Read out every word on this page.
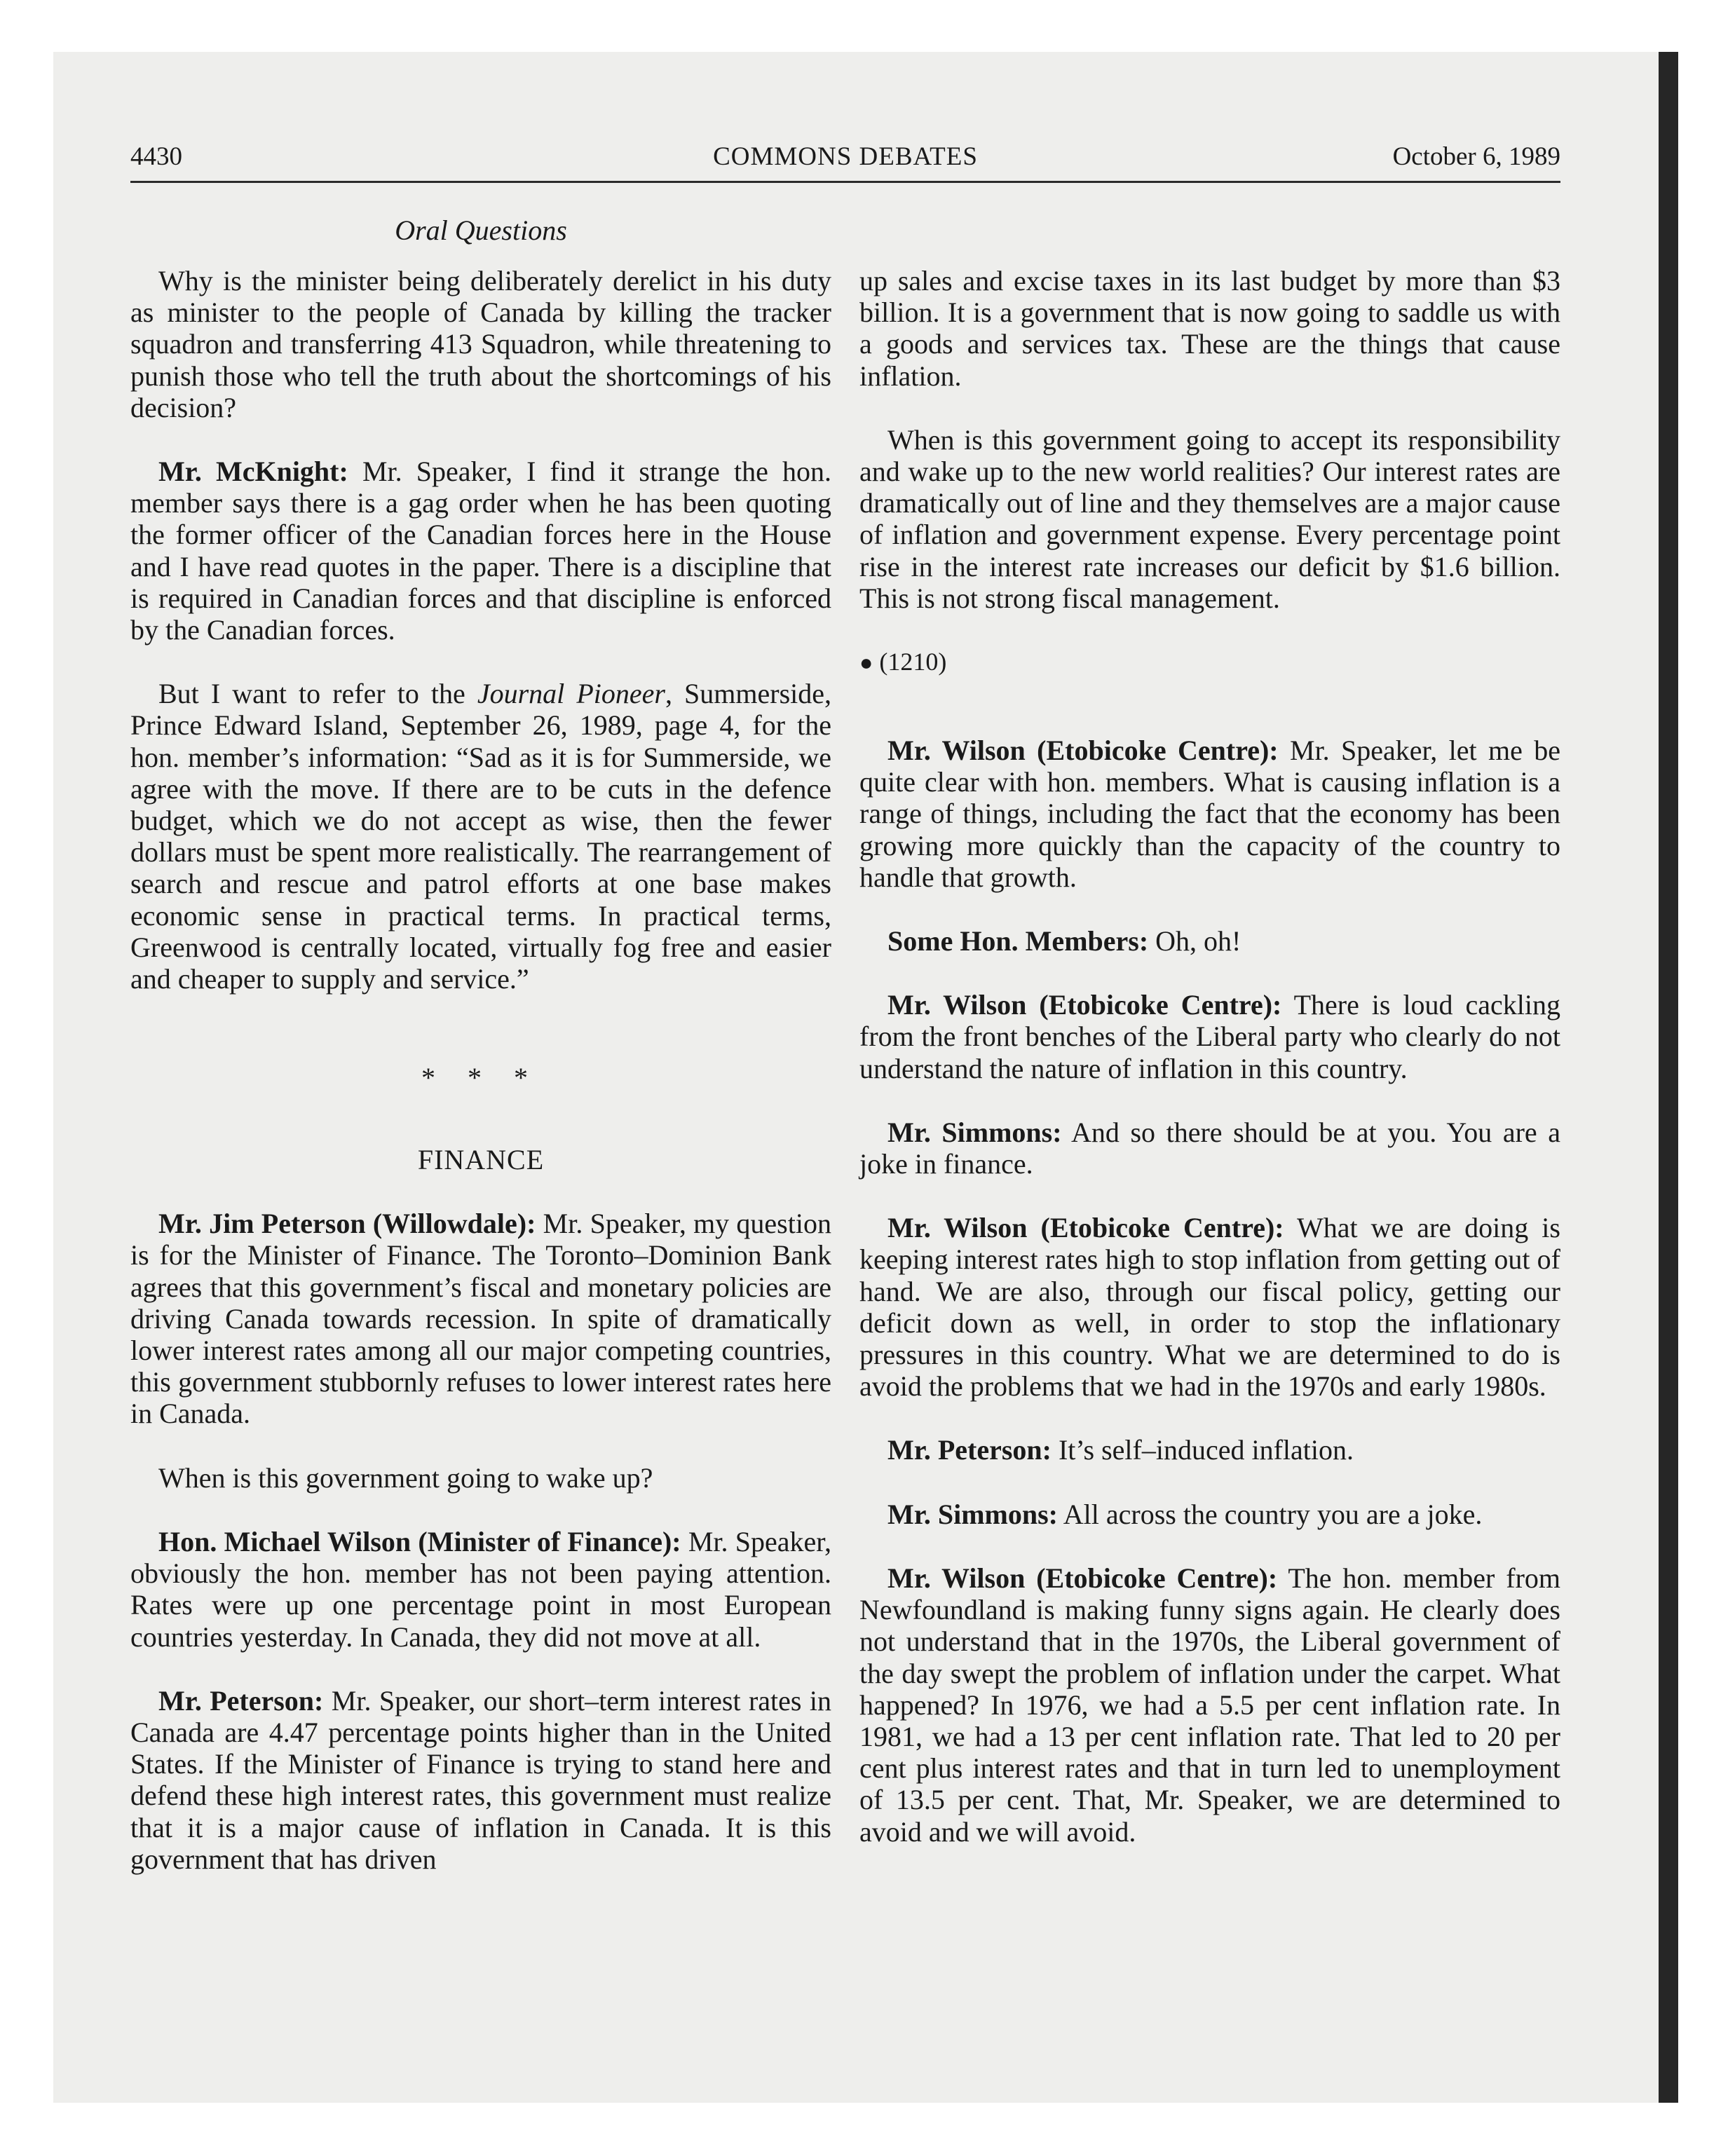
4430	COMMONS DEBATES	October 6, 1989
Oral Questions

Why is the minister being deliberately derelict in his duty as minister to the people of Canada by killing the tracker squadron and transferring 413 Squadron, while threatening to punish those who tell the truth about the shortcomings of his decision?

Mr. McKnight: Mr. Speaker, I find it strange the hon. member says there is a gag order when he has been quoting the former officer of the Canadian forces here in the House and I have read quotes in the paper. There is a discipline that is required in Canadian forces and that discipline is enforced by the Canadian forces.

But I want to refer to the Journal Pioneer, Summerside, Prince Edward Island, September 26, 1989, page 4, for the hon. member’s information: “Sad as it is for Summerside, we agree with the move. If there are to be cuts in the defence budget, which we do not accept as wise, then the fewer dollars must be spent more realistically. The rearrangement of search and rescue and patrol efforts at one base makes economic sense in practical terms. In practical terms, Greenwood is centrally located, virtually fog free and easier and cheaper to supply and service.”

* * *
FINANCE

Mr. Jim Peterson (Willowdale): Mr. Speaker, my question is for the Minister of Finance. The Toronto–Dominion Bank agrees that this government’s fiscal and monetary policies are driving Canada towards recession. In spite of dramatically lower interest rates among all our major competing countries, this government stubbornly refuses to lower interest rates here in Canada.

When is this government going to wake up?

Hon. Michael Wilson (Minister of Finance): Mr. Speaker, obviously the hon. member has not been paying attention. Rates were up one percentage point in most European countries yesterday. In Canada, they did not move at all.

Mr. Peterson: Mr. Speaker, our short–term interest rates in Canada are 4.47 percentage points higher than in the United States. If the Minister of Finance is trying to stand here and defend these high interest rates, this government must realize that it is a major cause of inflation in Canada. It is this government that has driven

up sales and excise taxes in its last budget by more than $3 billion. It is a government that is now going to saddle us with a goods and services tax. These are the things that cause inflation.

When is this government going to accept its responsibility and wake up to the new world realities? Our interest rates are dramatically out of line and they themselves are a major cause of inflation and government expense. Every percentage point rise in the interest rate increases our deficit by $1.6 billion. This is not strong fiscal management.

● (1210)

Mr. Wilson (Etobicoke Centre): Mr. Speaker, let me be quite clear with hon. members. What is causing inflation is a range of things, including the fact that the economy has been growing more quickly than the capacity of the country to handle that growth.

Some Hon. Members: Oh, oh!

Mr. Wilson (Etobicoke Centre): There is loud cackling from the front benches of the Liberal party who clearly do not understand the nature of inflation in this country.

Mr. Simmons: And so there should be at you. You are a joke in finance.

Mr. Wilson (Etobicoke Centre): What we are doing is keeping interest rates high to stop inflation from getting out of hand. We are also, through our fiscal policy, getting our deficit down as well, in order to stop the inflationary pressures in this country. What we are determined to do is avoid the problems that we had in the 1970s and early 1980s.

Mr. Peterson: It’s self–induced inflation.

Mr. Simmons: All across the country you are a joke.

Mr. Wilson (Etobicoke Centre): The hon. member from Newfoundland is making funny signs again. He clearly does not understand that in the 1970s, the Liberal government of the day swept the problem of inflation under the carpet. What happened? In 1976, we had a 5.5 per cent inflation rate. In 1981, we had a 13 per cent inflation rate. That led to 20 per cent plus interest rates and that in turn led to unemployment of 13.5 per cent. That, Mr. Speaker, we are determined to avoid and we will avoid.
